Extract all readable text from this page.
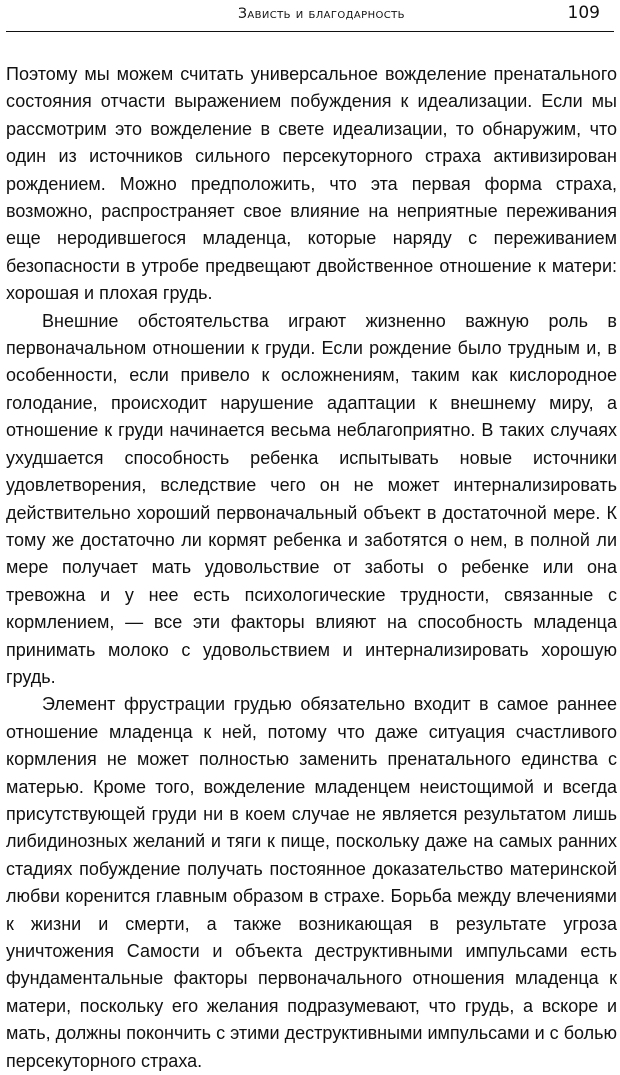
Зависть и благодарность	109

Поэтому мы можем считать универсальное вожделение пренатального состояния отчасти выражением побуждения к идеализации. Если мы рассмотрим это вожделение в свете идеализации, то обнаружим, что один из источников сильного персекуторного страха активизирован рождением. Можно предположить, что эта первая форма страха, возможно, распространяет свое влияние на неприятные переживания еще неродившегося младенца, которые наряду с переживанием безопасности в утробе предвещают двойственное отношение к матери: хорошая и плохая грудь.

Внешние обстоятельства играют жизненно важную роль в первоначальном отношении к груди. Если рождение было трудным и, в особенности, если привело к осложнениям, таким как кислородное голодание, происходит нарушение адаптации к внешнему миру, а отношение к груди начинается весьма неблагоприятно. В таких случаях ухудшается способность ребенка испытывать новые источники удовлетворения, вследствие чего он не может интернализировать действительно хороший первоначальный объект в достаточной мере. К тому же достаточно ли кормят ребенка и заботятся о нем, в полной ли мере получает мать удовольствие от заботы о ребенке или она тревожна и у нее есть психологические трудности, связанные с кормлением, — все эти факторы влияют на способность младенца принимать молоко с удовольствием и интернализировать хорошую грудь.

Элемент фрустрации грудью обязательно входит в самое раннее отношение младенца к ней, потому что даже ситуация счастливого кормления не может полностью заменить пренатального единства с матерью. Кроме того, вожделение младенцем неистощимой и всегда присутствующей груди ни в коем случае не является результатом лишь либидинозных желаний и тяги к пище, поскольку даже на самых ранних стадиях побуждение получать постоянное доказательство материнской любви коренится главным образом в страхе. Борьба между влечениями к жизни и смерти, а также возникающая в результате угроза уничтожения Самости и объекта деструктивными импульсами есть фундаментальные факторы первоначального отношения младенца к матери, поскольку его желания подразумевают, что грудь, а вскоре и мать, должны покончить с этими деструктивными импульсами и с болью персекуторного страха.
